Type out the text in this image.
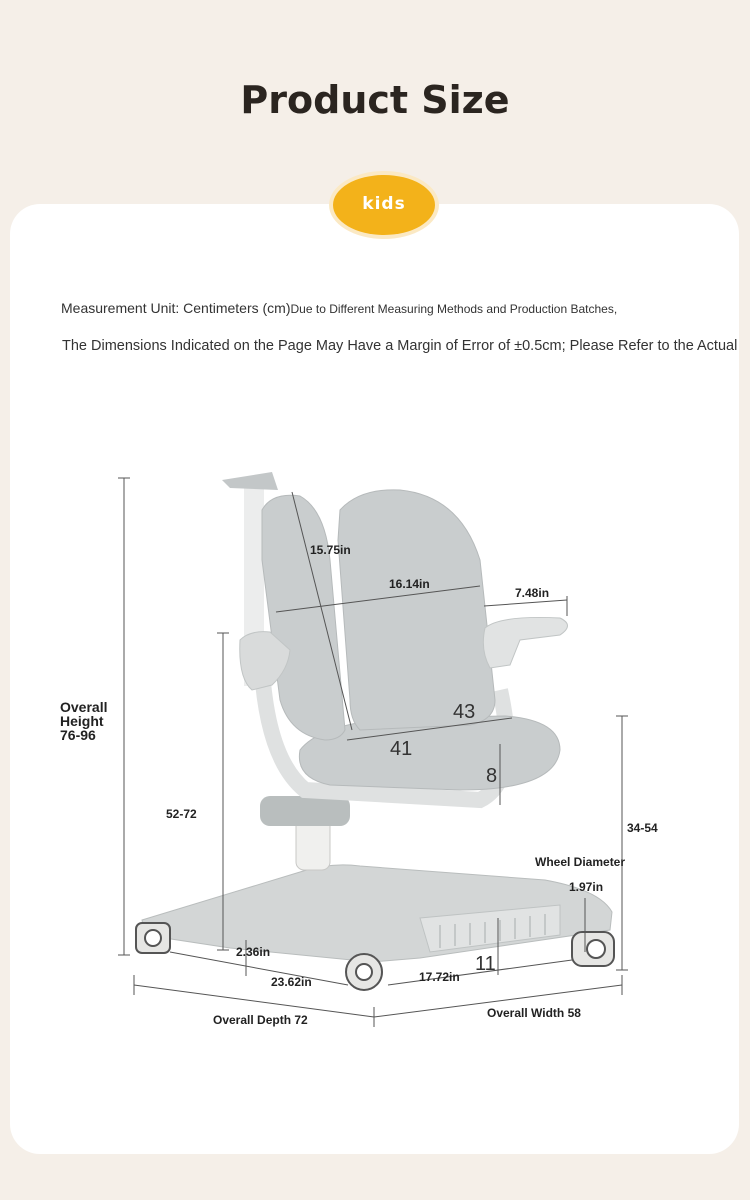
Product Size
kids
Measurement Unit: Centimeters (cm)Due to Different Measuring Methods and Production Batches,
The Dimensions Indicated on the Page May Have a Margin of Error of ±0.5cm; Please Refer to the Actual
Overall
Height
76-96
15.75in
16.14in
7.48in
43
41
8
52-72
34-54
Wheel Diameter
1.97in
2.36in
11
17.72in
23.62in
Overall Width 58
Overall Depth 72
